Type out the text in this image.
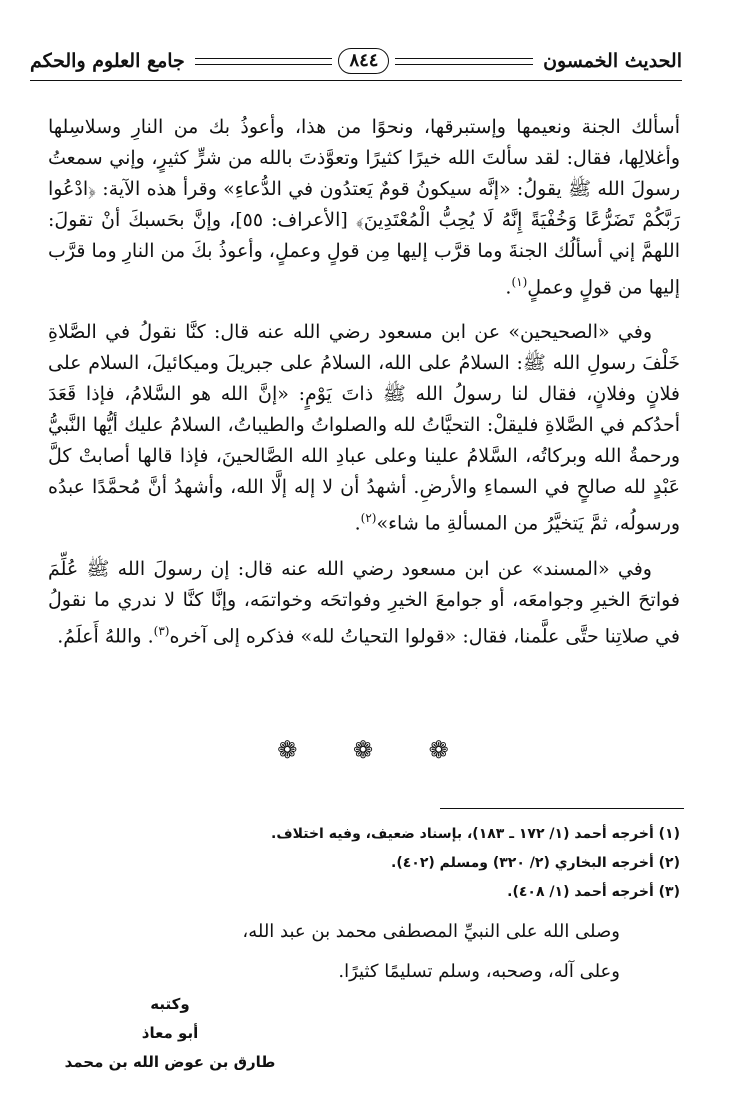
الحديث الخمسون
٨٤٤
جامع العلوم والحكم

أسألك الجنة ونعيمها وإستبرقها، ونحوًا من هذا، وأعوذُ بك من النارِ وسلاسِلها وأغلالِها، فقال: لقد سألتَ الله خيرًا كثيرًا وتعوَّذتَ بالله من شرٍّ كثيرٍ، وإني سمعتُ رسولَ الله ﷺ يقولُ: «إنَّه سيكونُ قومٌ يَعتدُون في الدُّعاءِ» وقرأ هذه الآية: ﴿ادْعُوا رَبَّكُمْ تَضَرُّعًا وَخُفْيَةً إِنَّهُ لَا يُحِبُّ الْمُعْتَدِينَ﴾ [الأعراف: ٥٥]، وإنَّ بحَسبكَ أنْ تقولَ: اللهمَّ إني أسألُك الجنةَ وما قرَّب إليها مِن قولٍ وعملٍ، وأعوذُ بكَ من النارِ وما قرَّب إليها من قولٍ وعملٍ$^{(١)}$.

وفي «الصحيحين» عن ابن مسعود رضي الله عنه قال: كنَّا نقولُ في الصَّلاةِ خَلْفَ رسولِ الله ﷺ: السلامُ على الله، السلامُ على جبريلَ وميكائيلَ، السلام على فلانٍ وفلانٍ، فقال لنا رسولُ الله ﷺ ذاتَ يَوْمٍ: «إنَّ الله هو السَّلامُ، فإذا قَعَدَ أحدُكم في الصَّلاةِ فليقلْ: التحيَّاتُ لله والصلواتُ والطيباتُ، السلامُ عليك أيُّها النَّبيُّ ورحمةُ الله وبركاتُه، السَّلامُ علينا وعلى عبادِ الله الصَّالحينَ، فإذا قالها أصابتْ كلَّ عَبْدٍ لله صالحٍ في السماءِ والأرضِ. أشهدُ أن لا إله إلَّا الله، وأشهدُ أنَّ مُحمَّدًا عبدُه ورسولُه، ثمَّ يَتخيَّرُ من المسألةِ ما شاء»$^{(٢)}$.

وفي «المسند» عن ابن مسعود رضي الله عنه قال: إن رسولَ الله ﷺ عُلِّمَ فواتحَ الخيرِ وجوامعَه، أو جوامعَ الخيرِ وفواتحَه وخواتمَه، وإنَّا كنَّا لا ندري ما نقولُ في صلاتِنا حتَّى علَّمنا، فقال: «قولوا التحياتُ لله» فذكره إلى آخره$^{(٣)}$. واللهُ أَعلَمُ.

❁ ❁ ❁
(١) أخرجه أحمد (١/ ١٧٢ ـ ١٨٣)، بإسناد ضعيف، وفيه اختلاف.
(٢) أخرجه البخاري (٢/ ٣٢٠) ومسلم (٤٠٢).
(٣) أخرجه أحمد (١/ ٤٠٨).
وصلى الله على النبيِّ المصطفى محمد بن عبد الله،
وعلى آله، وصحبه، وسلم تسليمًا كثيرًا.
وكتبه
أبو معاذ
طارق بن عوض الله بن محمد
